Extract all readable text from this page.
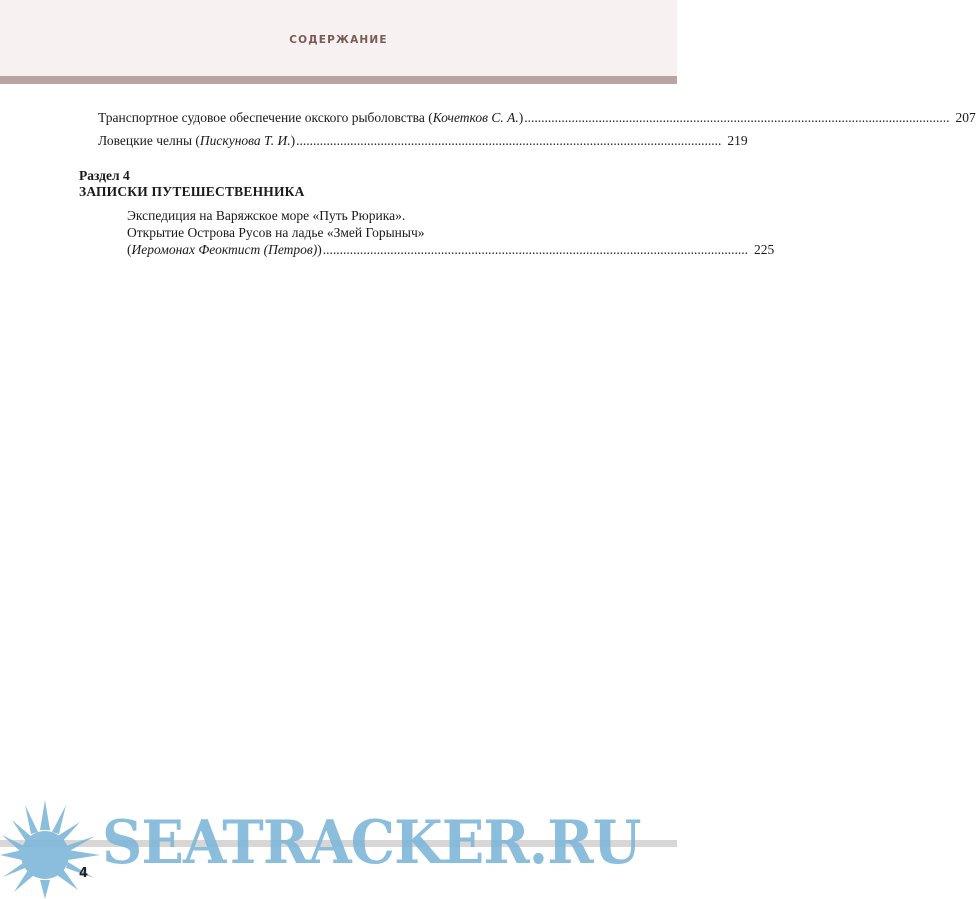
СОДЕРЖАНИЕ
Транспортное судовое обеспечение окского рыболовства (Кочетков С. А.) .............................................................................................................................. 207
Ловецкие челны (Пискунова Т. И.) .............................................................................................................................. 219
Раздел 4
ЗАПИСКИ ПУТЕШЕСТВЕННИКА
Экспедиция на Варяжское море «Путь Рюрика».
Открытие Острова Русов на ладье «Змей Горыныч»
(Иеромонах Феоктист (Петров)) .............................................................................................................................. 225
SEATRACKER.RU
4
